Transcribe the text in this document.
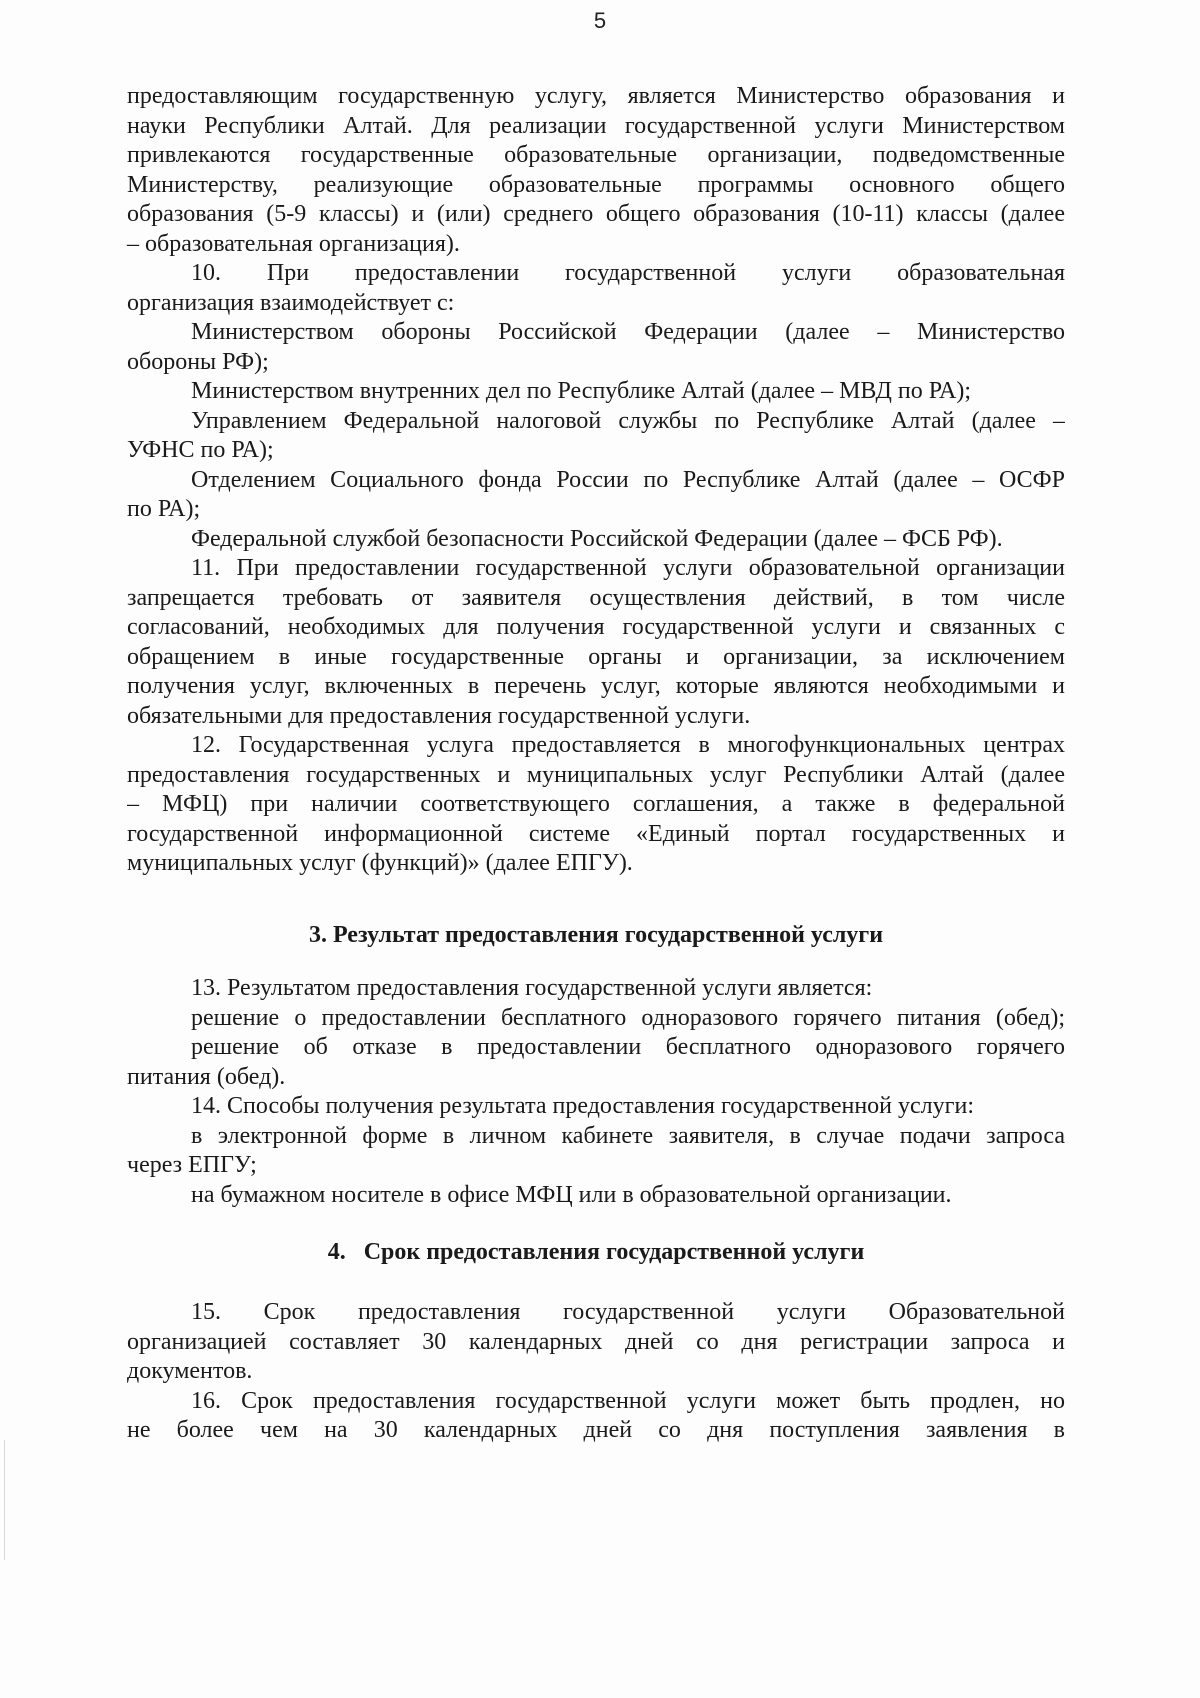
5
предоставляющим государственную услугу, является Министерство образования и
науки Республики Алтай. Для реализации государственной услуги Министерством
привлекаются государственные образовательные организации, подведомственные
Министерству, реализующие образовательные программы основного общего
образования (5-9 классы) и (или) среднего общего образования (10-11) классы (далее
– образовательная организация).
10. При предоставлении государственной услуги образовательная
организация взаимодействует с:
Министерством обороны Российской Федерации (далее – Министерство
обороны РФ);
Министерством внутренних дел по Республике Алтай (далее – МВД по РА);
Управлением Федеральной налоговой службы по Республике Алтай (далее –
УФНС по РА);
Отделением Социального фонда России по Республике Алтай (далее – ОСФР
по РА);
Федеральной службой безопасности Российской Федерации (далее – ФСБ РФ).
11. При предоставлении государственной услуги образовательной организации
запрещается требовать от заявителя осуществления действий, в том числе
согласований, необходимых для получения государственной услуги и связанных с
обращением в иные государственные органы и организации, за исключением
получения услуг, включенных в перечень услуг, которые являются необходимыми и
обязательными для предоставления государственной услуги.
12. Государственная услуга предоставляется в многофункциональных центрах
предоставления государственных и муниципальных услуг Республики Алтай (далее
– МФЦ) при наличии соответствующего соглашения, а также в федеральной
государственной информационной системе «Единый портал государственных и
муниципальных услуг (функций)» (далее ЕПГУ).
3. Результат предоставления государственной услуги
13. Результатом предоставления государственной услуги является:
решение о предоставлении бесплатного одноразового горячего питания (обед);
решение об отказе в предоставлении бесплатного одноразового горячего
питания (обед).
14. Способы получения результата предоставления государственной услуги:
в электронной форме в личном кабинете заявителя, в случае подачи запроса
через ЕПГУ;
на бумажном носителе в офисе МФЦ или в образовательной организации.
4.   Срок предоставления государственной услуги
15. Срок предоставления государственной услуги Образовательной
организацией составляет 30 календарных дней со дня регистрации запроса и
документов.
16. Срок предоставления государственной услуги может быть продлен, но
не более чем на 30 календарных дней со дня поступления заявления в
